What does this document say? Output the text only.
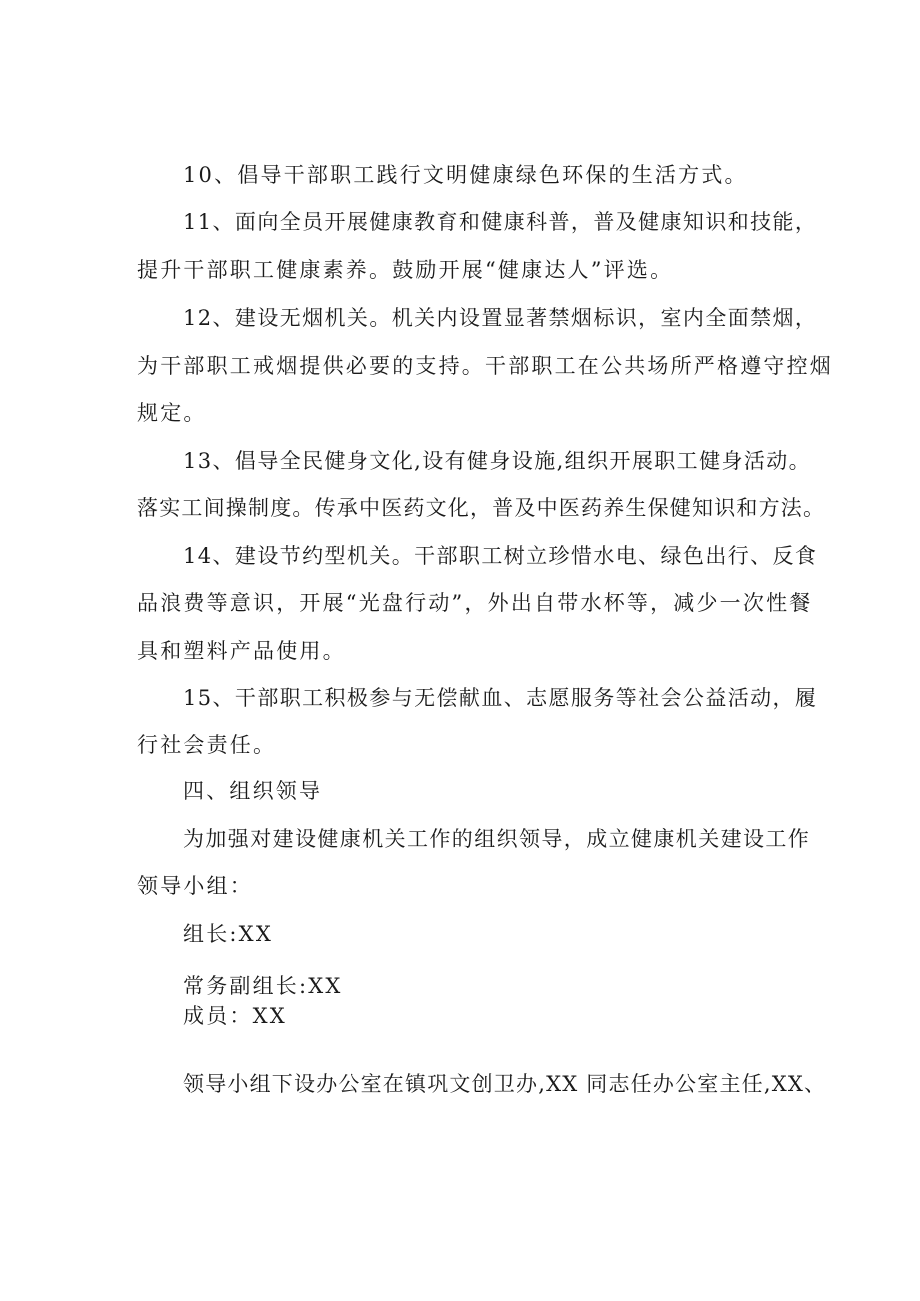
10、倡导干部职工践行文明健康绿色环保的生活方式。
11、面向全员开展健康教育和健康科普，普及健康知识和技能，
提升干部职工健康素养。鼓励开展“健康达人”评选。
12、建设无烟机关。机关内设置显著禁烟标识，室内全面禁烟，
为干部职工戒烟提供必要的支持。干部职工在公共场所严格遵守控烟
规定。
13、倡导全民健身文化,设有健身设施,组织开展职工健身活动。
落实工间操制度。传承中医药文化，普及中医药养生保健知识和方法。
14、建设节约型机关。干部职工树立珍惜水电、绿色出行、反食
品浪费等意识，开展“光盘行动”，外出自带水杯等，减少一次性餐
具和塑料产品使用。
15、干部职工积极参与无偿献血、志愿服务等社会公益活动，履
行社会责任。
四、组织领导
为加强对建设健康机关工作的组织领导，成立健康机关建设工作
领导小组：
组长:XX
常务副组长:XX
成员：XX
领导小组下设办公室在镇巩文创卫办,XX 同志任办公室主任,XX、
